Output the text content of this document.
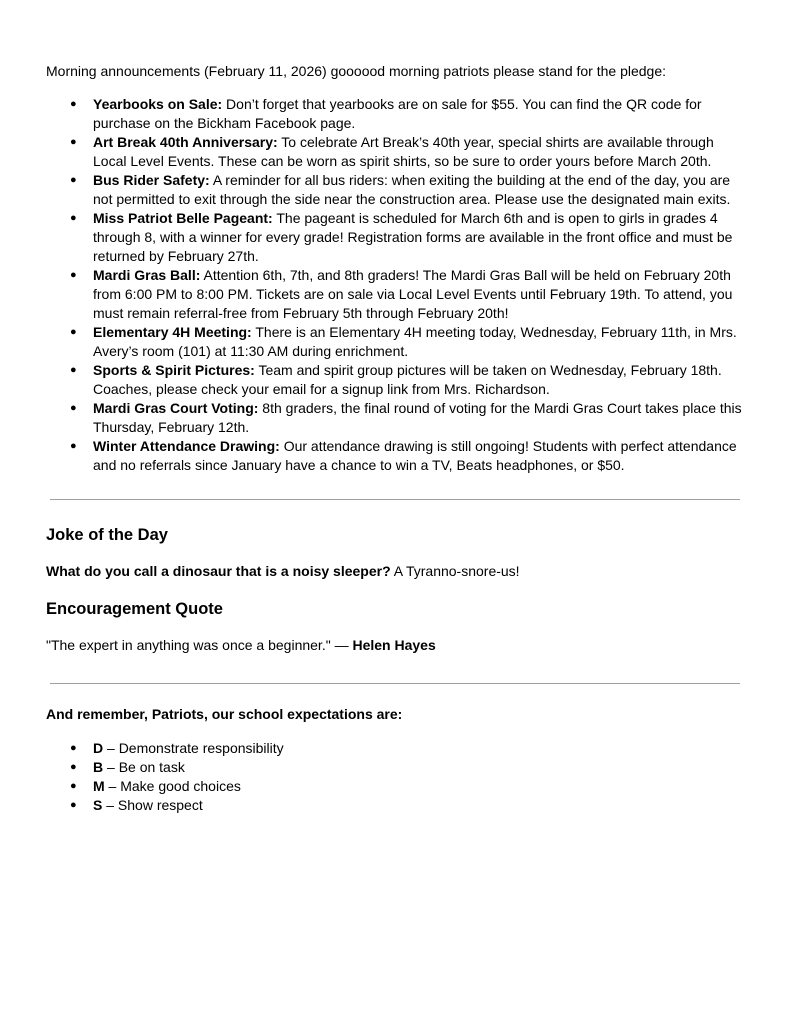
Morning announcements (February 11, 2026) goooood morning patriots please stand for the pledge:
● Yearbooks on Sale: Don’t forget that yearbooks are on sale for $55. You can find the QR code for purchase on the Bickham Facebook page.
● Art Break 40th Anniversary: To celebrate Art Break’s 40th year, special shirts are available through Local Level Events. These can be worn as spirit shirts, so be sure to order yours before March 20th.
● Bus Rider Safety: A reminder for all bus riders: when exiting the building at the end of the day, you are not permitted to exit through the side near the construction area. Please use the designated main exits.
● Miss Patriot Belle Pageant: The pageant is scheduled for March 6th and is open to girls in grades 4 through 8, with a winner for every grade! Registration forms are available in the front office and must be returned by February 27th.
● Mardi Gras Ball: Attention 6th, 7th, and 8th graders! The Mardi Gras Ball will be held on February 20th from 6:00 PM to 8:00 PM. Tickets are on sale via Local Level Events until February 19th. To attend, you must remain referral-free from February 5th through February 20th!
● Elementary 4H Meeting: There is an Elementary 4H meeting today, Wednesday, February 11th, in Mrs. Avery’s room (101) at 11:30 AM during enrichment.
● Sports & Spirit Pictures: Team and spirit group pictures will be taken on Wednesday, February 18th. Coaches, please check your email for a signup link from Mrs. Richardson.
● Mardi Gras Court Voting: 8th graders, the final round of voting for the Mardi Gras Court takes place this Thursday, February 12th.
● Winter Attendance Drawing: Our attendance drawing is still ongoing! Students with perfect attendance and no referrals since January have a chance to win a TV, Beats headphones, or $50.
Joke of the Day
What do you call a dinosaur that is a noisy sleeper? A Tyranno-snore-us!
Encouragement Quote
"The expert in anything was once a beginner." — Helen Hayes
And remember, Patriots, our school expectations are:
● D – Demonstrate responsibility
● B – Be on task
● M – Make good choices
● S – Show respect
